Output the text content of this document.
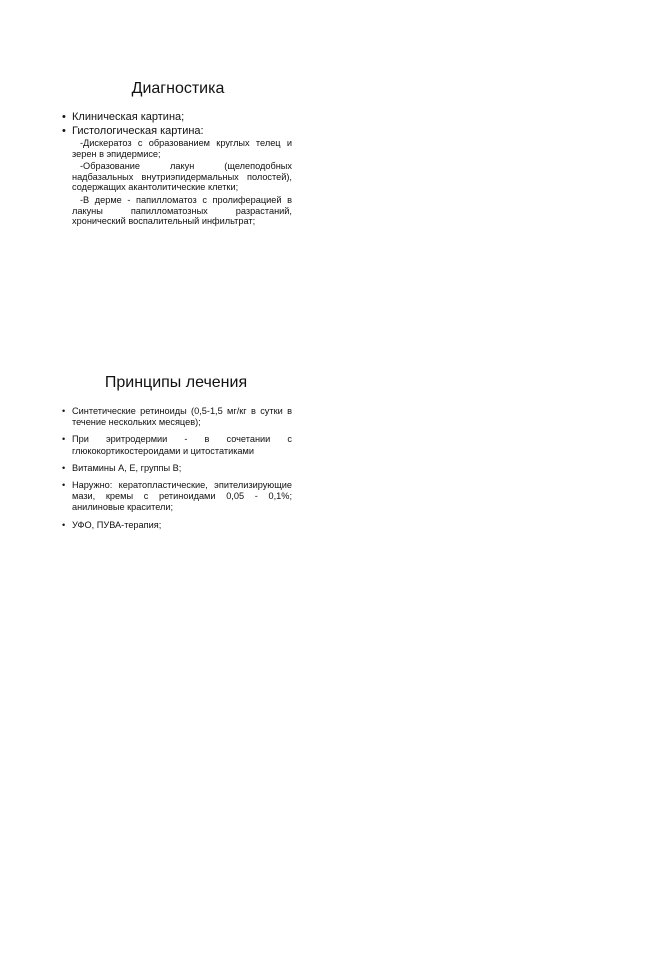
Диагностика
• Клиническая картина;
• Гистологическая картина:
-Дискератоз с образованием круглых телец и зерен в эпидермисе;
-Образование лакун (щелеподобных надбазальных внутриэпидермальных полостей), содержащих акантолитические клетки;
-В дерме - папилломатоз с пролиферацией в лакуны папилломатозных разрастаний, хронический воспалительный инфильтрат;
Принципы лечения
• Синтетические ретиноиды (0,5-1,5 мг/кг в сутки в течение нескольких месяцев);
• При эритродермии - в сочетании с глюкокортикостероидами и цитостатиками
• Витамины А, Е, группы В;
• Наружно: кератопластические, эпителизирующие мази, кремы с ретиноидами 0,05 - 0,1%; анилиновые красители;
• УФО, ПУВА-терапия;
